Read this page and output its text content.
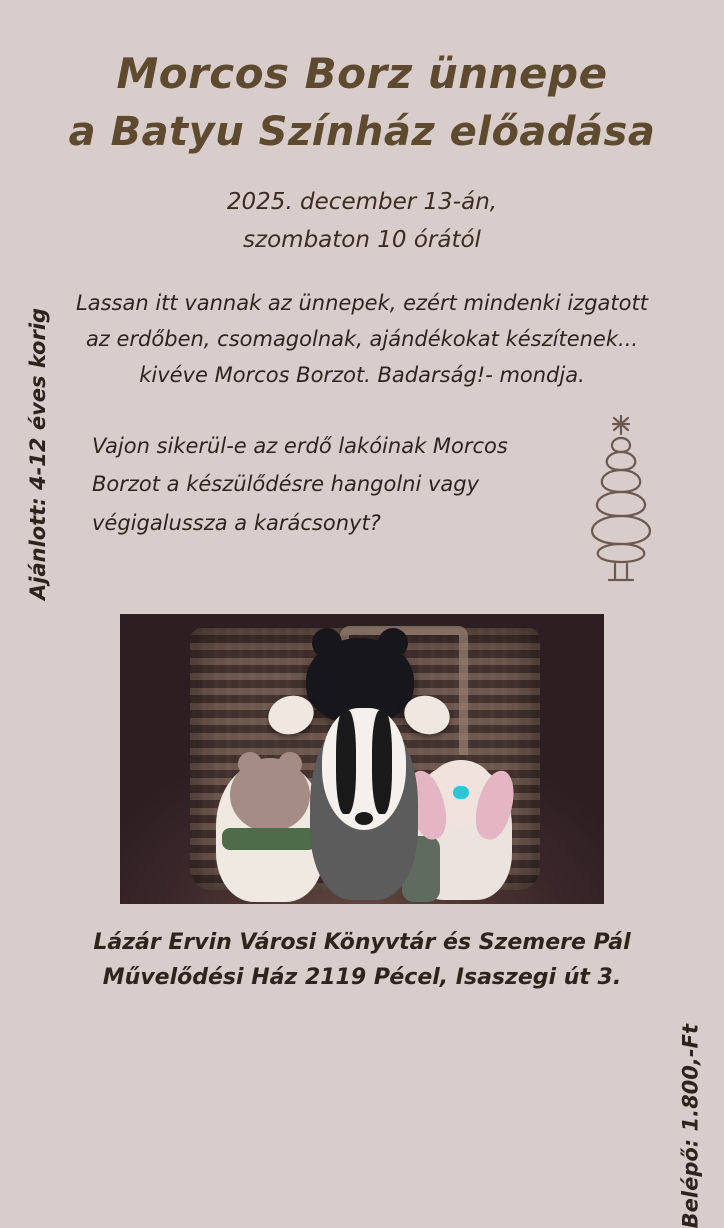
Morcos Borz ünnepe
a Batyu Színház előadása
2025. december 13-án,
szombaton 10 órától
Lassan itt vannak az ünnepek, ezért mindenki izgatott
az erdőben, csomagolnak, ajándékokat készítenek...
kivéve Morcos Borzot. Badarság!- mondja.
Vajon sikerül-e az erdő lakóinak Morcos
Borzot a készülődésre hangolni vagy
végigalussza a karácsonyt?
Ajánlott: 4-12 éves korig
Belépő: 1.800,-Ft
Lázár Ervin Városi Könyvtár és Szemere Pál
Művelődési Ház 2119 Pécel, Isaszegi út 3.
